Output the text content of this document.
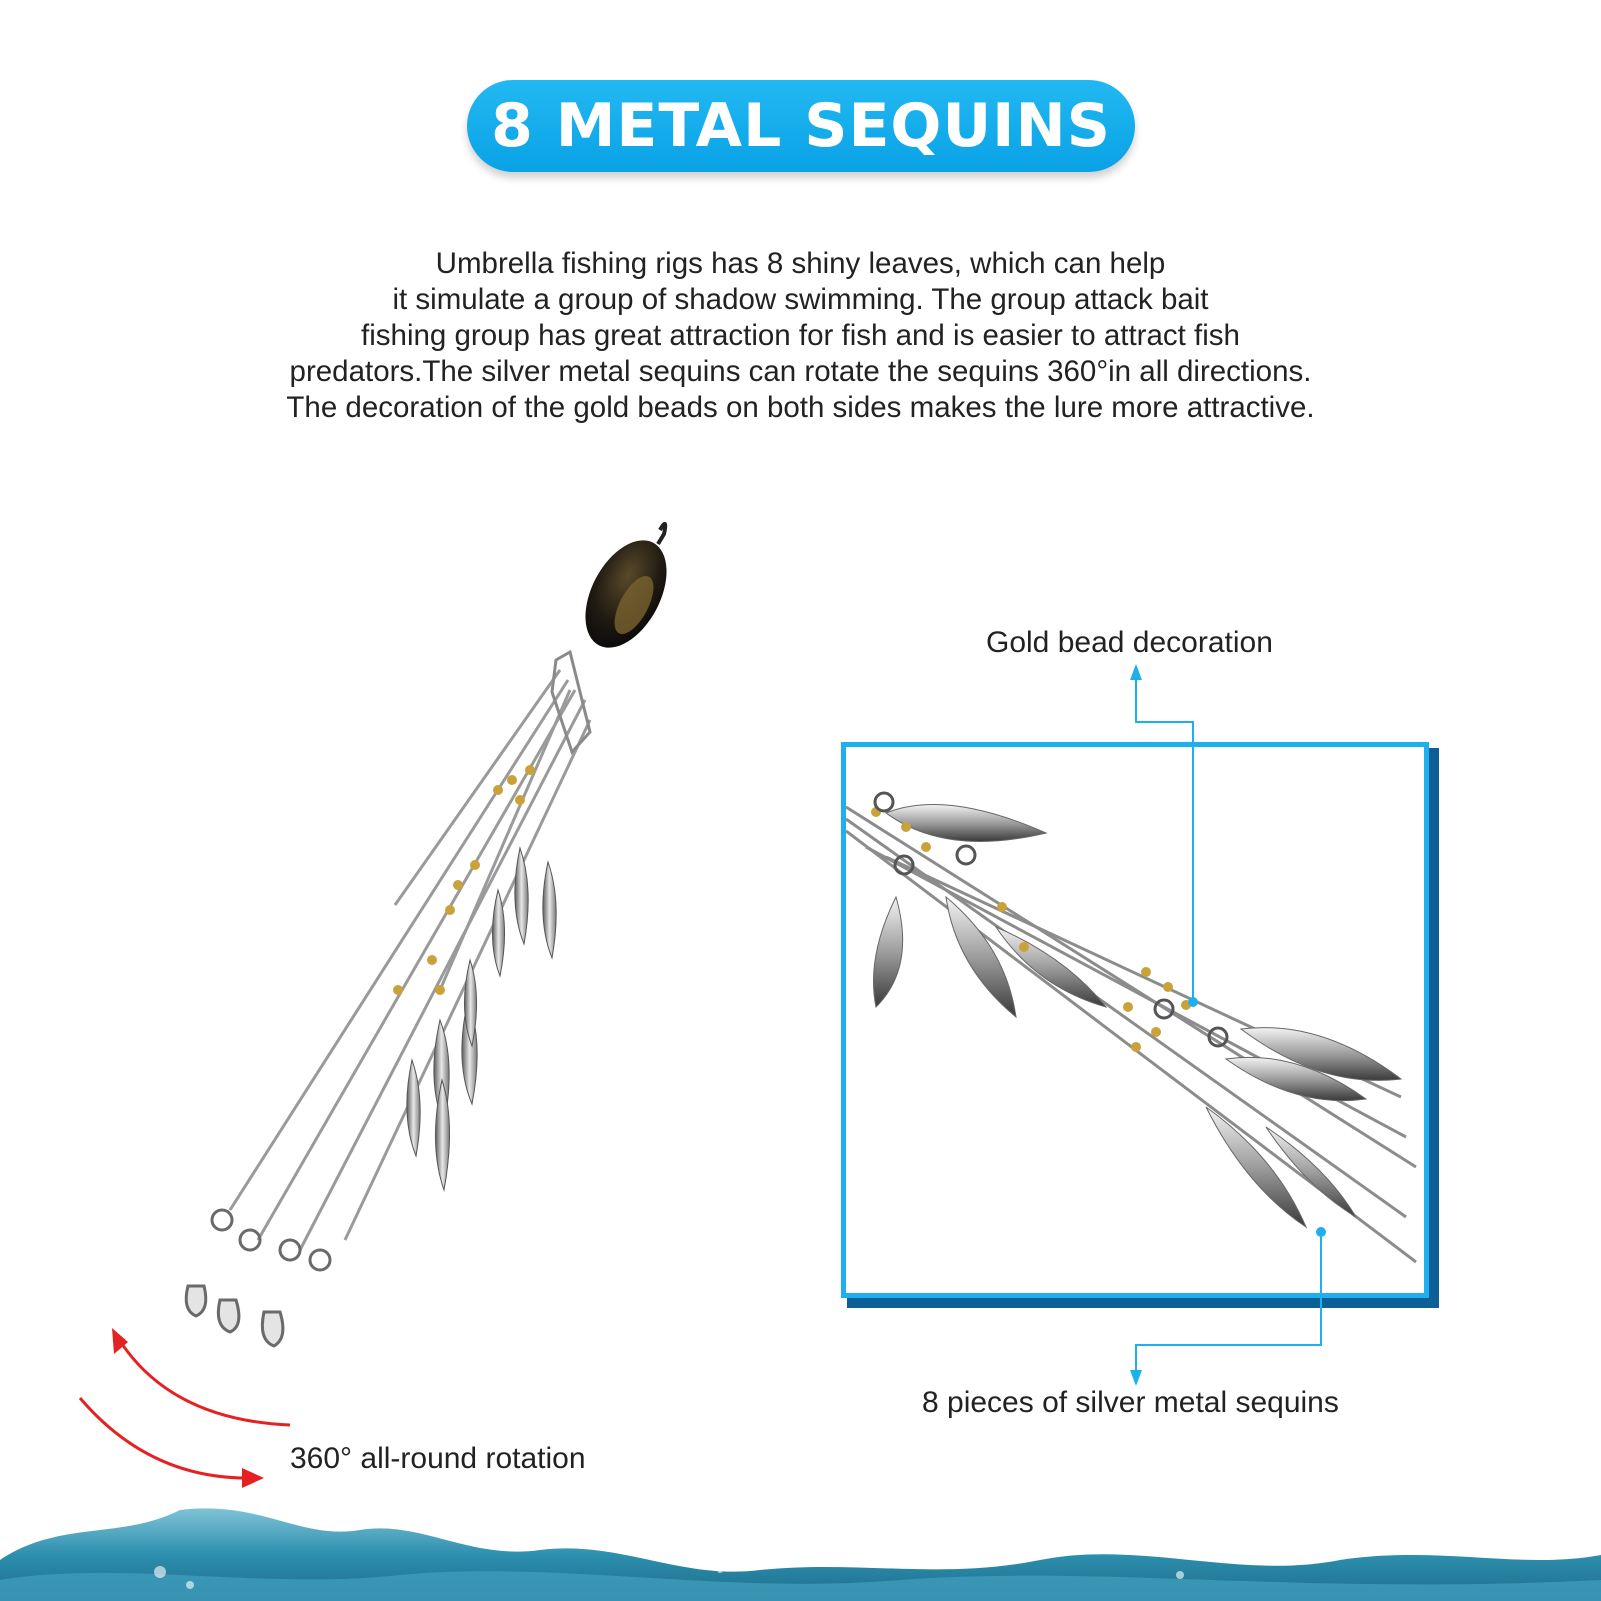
8 METAL SEQUINS
Umbrella fishing rigs has 8 shiny leaves, which can help
it simulate a group of shadow swimming. The group attack bait
fishing group has great attraction for fish and is easier to attract fish
predators.The silver metal sequins can rotate the sequins 360°in all directions.
The decoration of the gold beads on both sides makes the lure more attractive.
Gold bead decoration
8 pieces of silver metal sequins
360° all-round rotation
